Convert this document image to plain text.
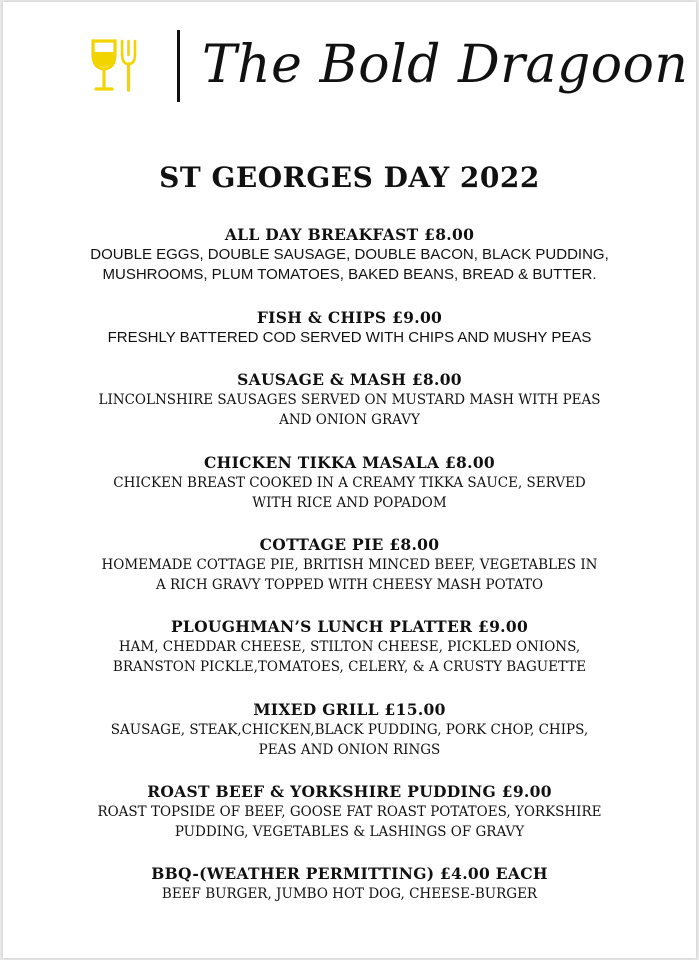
The Bold Dragoon
ST GEORGES DAY 2022
ALL DAY BREAKFAST £8.00
DOUBLE EGGS, DOUBLE SAUSAGE, DOUBLE BACON, BLACK PUDDING,
MUSHROOMS, PLUM TOMATOES, BAKED BEANS, BREAD & BUTTER.
FISH & CHIPS £9.00
FRESHLY BATTERED COD SERVED WITH CHIPS AND MUSHY PEAS
SAUSAGE & MASH £8.00
LINCOLNSHIRE SAUSAGES SERVED ON MUSTARD MASH WITH PEAS
AND ONION GRAVY
CHICKEN TIKKA MASALA £8.00
CHICKEN BREAST COOKED IN A CREAMY TIKKA SAUCE, SERVED
WITH RICE AND POPADOM
COTTAGE PIE £8.00
HOMEMADE COTTAGE PIE, BRITISH MINCED BEEF, VEGETABLES IN
A RICH GRAVY TOPPED WITH CHEESY MASH POTATO
PLOUGHMAN’S LUNCH PLATTER £9.00
HAM, CHEDDAR CHEESE, STILTON CHEESE, PICKLED ONIONS,
BRANSTON PICKLE,TOMATOES, CELERY, & A CRUSTY BAGUETTE
MIXED GRILL £15.00
SAUSAGE, STEAK,CHICKEN,BLACK PUDDING, PORK CHOP, CHIPS,
PEAS AND ONION RINGS
ROAST BEEF & YORKSHIRE PUDDING £9.00
ROAST TOPSIDE OF BEEF, GOOSE FAT ROAST POTATOES, YORKSHIRE
PUDDING, VEGETABLES & LASHINGS OF GRAVY
BBQ-(WEATHER PERMITTING) £4.00 EACH
BEEF BURGER, JUMBO HOT DOG, CHEESE-BURGER
